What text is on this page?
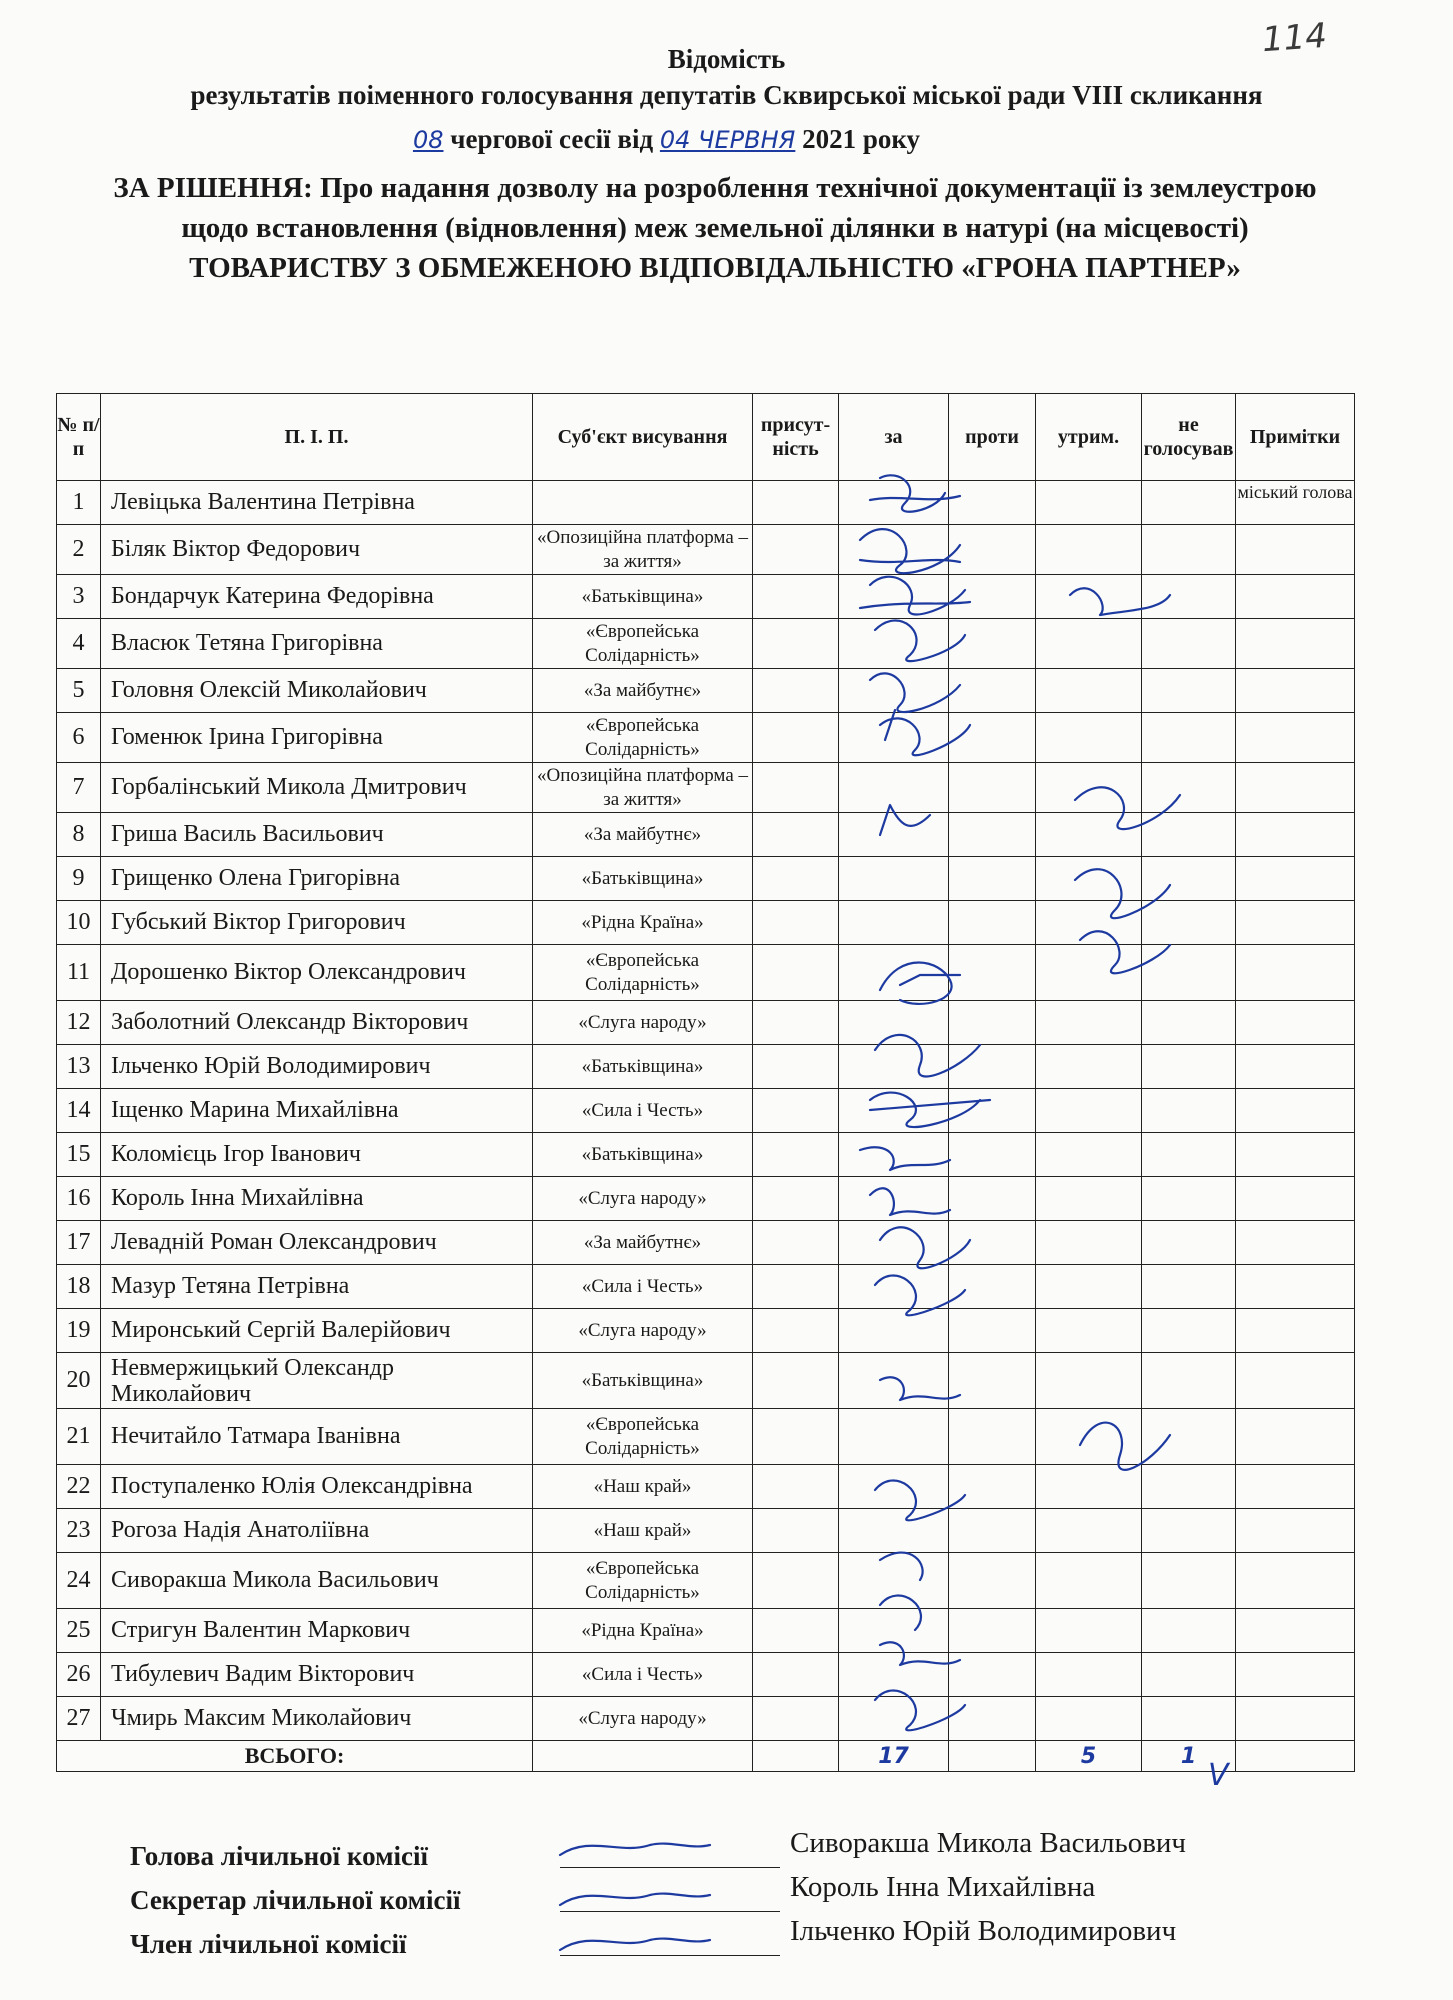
114
Відомість
результатів поіменного голосування депутатів Сквирської міської ради VIII скликання
08 чергової сесії від 04 ЧЕРВНЯ 2021 року
ЗА РІШЕННЯ: Про надання дозволу на розроблення технічної документації із землеустрою щодо встановлення (відновлення) меж земельної ділянки в натурі (на місцевості) ТОВАРИСТВУ З ОБМЕЖЕНОЮ ВІДПОВІДАЛЬНІСТЮ «ГРОНА ПАРТНЕР»
№ п/п	П. І. П.	Суб'єкт висування	присут-ність	за	проти	утрим.	не голосував	Примітки
1	Левіцька Валентина Петрівна							міський голова
2	Біляк Віктор Федорович	«Опозиційна платформа – за життя»						
3	Бондарчук Катерина Федорівна	«Батьківщина»						
4	Власюк Тетяна Григорівна	«Європейська Солідарність»						
5	Головня Олексій Миколайович	«За майбутнє»						
6	Гоменюк Ірина Григорівна	«Європейська Солідарність»						
7	Горбалінський Микола Дмитрович	«Опозиційна платформа – за життя»						
8	Гриша Василь Васильович	«За майбутнє»						
9	Грищенко Олена Григорівна	«Батьківщина»						
10	Губський Віктор Григорович	«Рідна Країна»						
11	Дорошенко Віктор Олександрович	«Європейська Солідарність»						
12	Заболотний Олександр Вікторович	«Слуга народу»						
13	Ільченко Юрій Володимирович	«Батьківщина»						
14	Іщенко Марина Михайлівна	«Сила і Честь»						
15	Коломієць Ігор Іванович	«Батьківщина»						
16	Король Інна Михайлівна	«Слуга народу»						
17	Левадній Роман Олександрович	«За майбутнє»						
18	Мазур Тетяна Петрівна	«Сила і Честь»						
19	Миронський Сергій Валерійович	«Слуга народу»						
20	Невмержицький Олександр Миколайович	«Батьківщина»						
21	Нечитайло Татмара Іванівна	«Європейська Солідарність»						
22	Поступаленко Юлія Олександрівна	«Наш край»						
23	Рогоза Надія Анатоліївна	«Наш край»						
24	Сиворакша Микола Васильович	«Європейська Солідарність»						
25	Стригун Валентин Маркович	«Рідна Країна»						
26	Тибулевич Вадим Вікторович	«Сила і Честь»						
27	Чмирь Максим Миколайович	«Слуга народу»						
ВСЬОГО:				17		5	1	
V
Голова лічильної комісії	Сиворакша Микола Васильович
Секретар лічильної комісії	Король Інна Михайлівна
Член лічильної комісії	Ільченко Юрій Володимирович
